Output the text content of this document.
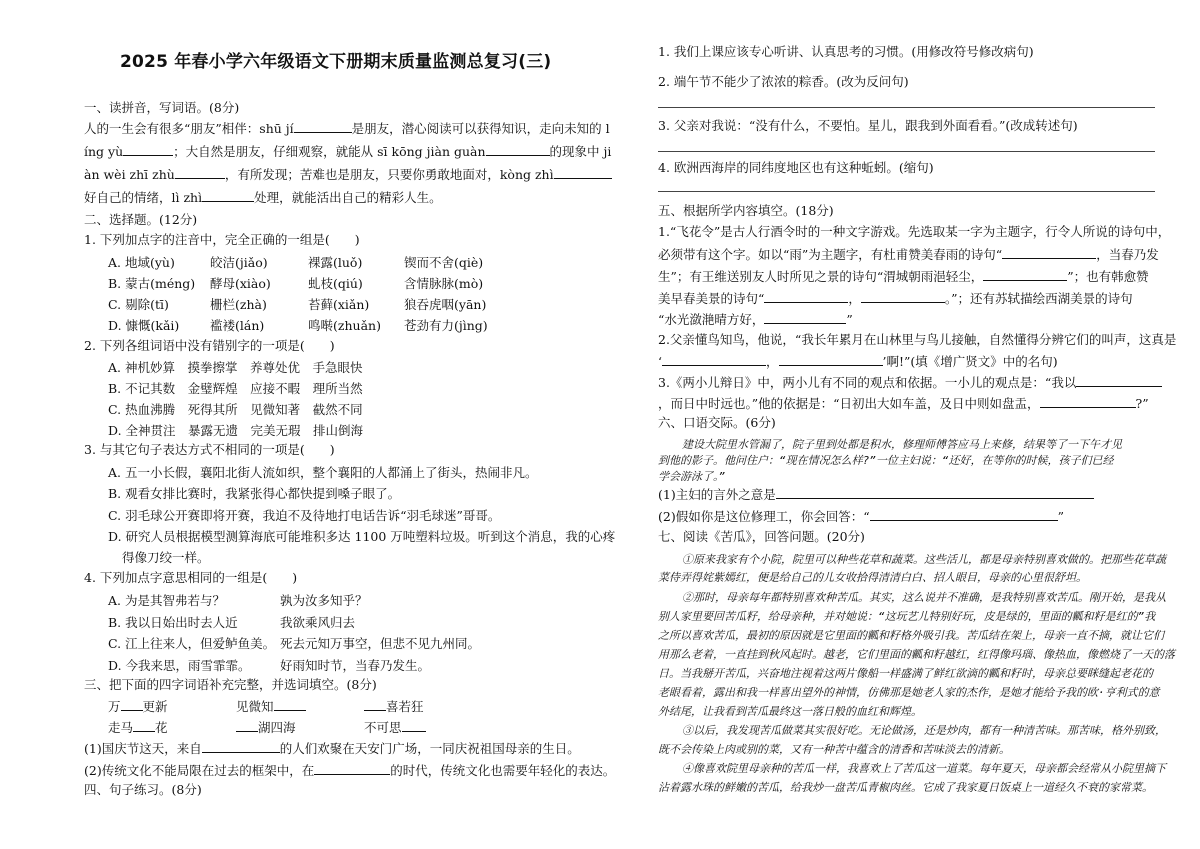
2025 年春小学六年级语文下册期末质量监测总复习(三)
一、读拼音，写词语。(8分)
人的一生会有很多“朋友”相伴：shū jí	是朋友，潜心阅读可以获得知识，走向未知的 l
íng yù	；大自然是朋友，仔细观察，就能从 sī kōng jiàn guàn	的现象中 ji
àn wèi zhī zhù	，有所发现；苦难也是朋友，只要你勇敢地面对，kòng zhì
好自己的情绪，lì zhì	处理，就能活出自己的精彩人生。
二、选择题。(12分)
1. 下列加点字的注音中，完全正确的一组是(　　)
A. 地域(yù)	皎洁(jiǎo)	裸露(luǒ)	锲而不舍(qiè)
B. 蒙古(méng) 酵母(xiào)	虬枝(qiú)	含情脉脉(mò)
C. 剔除(tī)	栅栏(zhà)	苔藓(xiǎn)	狼吞虎咽(yān)
D. 慷慨(kǎi) 褴褛(lán)	鸣啭(zhuǎn) 苍劲有力(jìng)
2. 下列各组词语中没有错别字的一项是(　　)
A. 神机妙算　摸拳擦掌　养尊处优　手急眼快
B. 不记其数　金璧辉煌　应接不暇　理所当然
C. 热血沸腾　死得其所　见微知著　截然不同
D. 全神贯注　暴露无遗　完美无瑕　排山倒海
3. 与其它句子表达方式不相同的一项是(　　)
A. 五一小长假，襄阳北街人流如织，整个襄阳的人都涌上了街头，热闹非凡。
B. 观看女排比赛时，我紧张得心都快提到嗓子眼了。
C. 羽毛球公开赛即将开赛，我迫不及待地打电话告诉“羽毛球迷”哥哥。
D. 研究人员根据模型测算海底可能堆积多达 1100 万吨塑料垃圾。听到这个消息，我的心疼
得像刀绞一样。
4. 下列加点字意思相同的一组是(　　)
A. 为是其智弗若与？	孰为汝多知乎？
B. 我以日始出时去人近	我欲乘风归去
C. 江上往来人，但爱鲈鱼美。 死去元知万事空，但悲不见九州同。
D. 今我来思，雨雪霏霏。 好雨知时节，当春乃发生。
三、把下面的四字词语补充完整，并选词填空。(8分)
万 更新	见微知	喜若狂
走马 花	湖四海	不可思
(1)国庆节这天，来自	的人们欢聚在天安门广场，一同庆祝祖国母亲的生日。
(2)传统文化不能局限在过去的框架中，在	的时代，传统文化也需要年轻化的表达。
四、句子练习。(8分)
1. 我们上课应该专心听讲、认真思考的习惯。(用修改符号修改病句)
2. 端午节不能少了浓浓的粽香。(改为反问句)
3. 父亲对我说：“没有什么，不要怕。星儿，跟我到外面看看。”(改成转述句)
4. 欧洲西海岸的同纬度地区也有这种蚯蚓。(缩句)
五、根据所学内容填空。(18分)
1.“飞花令”是古人行酒令时的一种文字游戏。先选取某一字为主题字，行令人所说的诗句中，
必须带有这个字。如以“雨”为主题字，有杜甫赞美春雨的诗句“	，当春乃发
生”；有王维送别友人时所见之景的诗句“渭城朝雨浥轻尘，	”；也有韩愈赞
美早春美景的诗句“	，	。”；还有苏轼描绘西湖美景的诗句
“水光潋滟晴方好，	”
2.父亲懂鸟知鸟，他说，“我长年累月在山林里与鸟儿接触，自然懂得分辨它们的叫声，这真是
‘	，	’啊!”(填《增广贤文》中的名句)
3.《两小儿辩日》中，两小儿有不同的观点和依据。一小儿的观点是：“我以
，而日中时远也。”他的依据是：“日初出大如车盖，及日中则如盘盂，	?”
六、口语交际。(6分)
建设大院里水管漏了，院子里到处都是积水，修理师傅答应马上来修，结果等了一下午才见
到他的影子。他问住户：“现在情况怎么样?”一位主妇说：“还好，在等你的时候，孩子们已经
学会游泳了。”
(1)主妇的言外之意是
(2)假如你是这位修理工，你会回答：“	”
七、阅读《苦瓜》，回答问题。(20分)
①原来我家有个小院，院里可以种些花草和蔬菜。这些活儿，都是母亲特别喜欢做的。把那些花草蔬
菜侍弄得姹紫嫣红，便是给自己的儿女收拾得清清白白、招人眼目，母亲的心里很舒坦。
②那时，母亲每年都特别喜欢种苦瓜。其实，这么说并不准确，是我特别喜欢苦瓜。刚开始，是我从
别人家里要回苦瓜籽，给母亲种，并对她说：“这玩艺儿特别好玩，皮是绿的，里面的瓤和籽是红的”我
之所以喜欢苦瓜，最初的原因就是它里面的瓤和籽格外吸引我。苦瓜结在架上，母亲一直不摘，就让它们
用那么老着，一直挂到秋风起时。越老，它们里面的瓤和籽越红，红得像玛瑙、像热血，像燃烧了一天的落
日。当我掰开苦瓜，兴奋地注视着这两片像船一样盛满了鲜红欲滴的瓤和籽时，母亲总要眯缝起老花的
老眼看着，露出和我一样喜出望外的神情，仿佛那是她老人家的杰作，是她才能给予我的欧·亨利式的意
外结尾，让我看到苦瓜最终这一落日般的血红和辉煌。
③以后，我发现苦瓜做菜其实很好吃。无论做汤，还是炒肉，都有一种清苦味。那苦味，格外别致，
既不会传染上肉或别的菜，又有一种苦中蕴含的清香和苦味淡去的清新。
④像喜欢院里母亲种的苦瓜一样，我喜欢上了苦瓜这一道菜。每年夏天，母亲都会经常从小院里摘下
沾着露水珠的鲜嫩的苦瓜，给我炒一盘苦瓜青椒肉丝。它成了我家夏日饭桌上一道经久不衰的家常菜。
